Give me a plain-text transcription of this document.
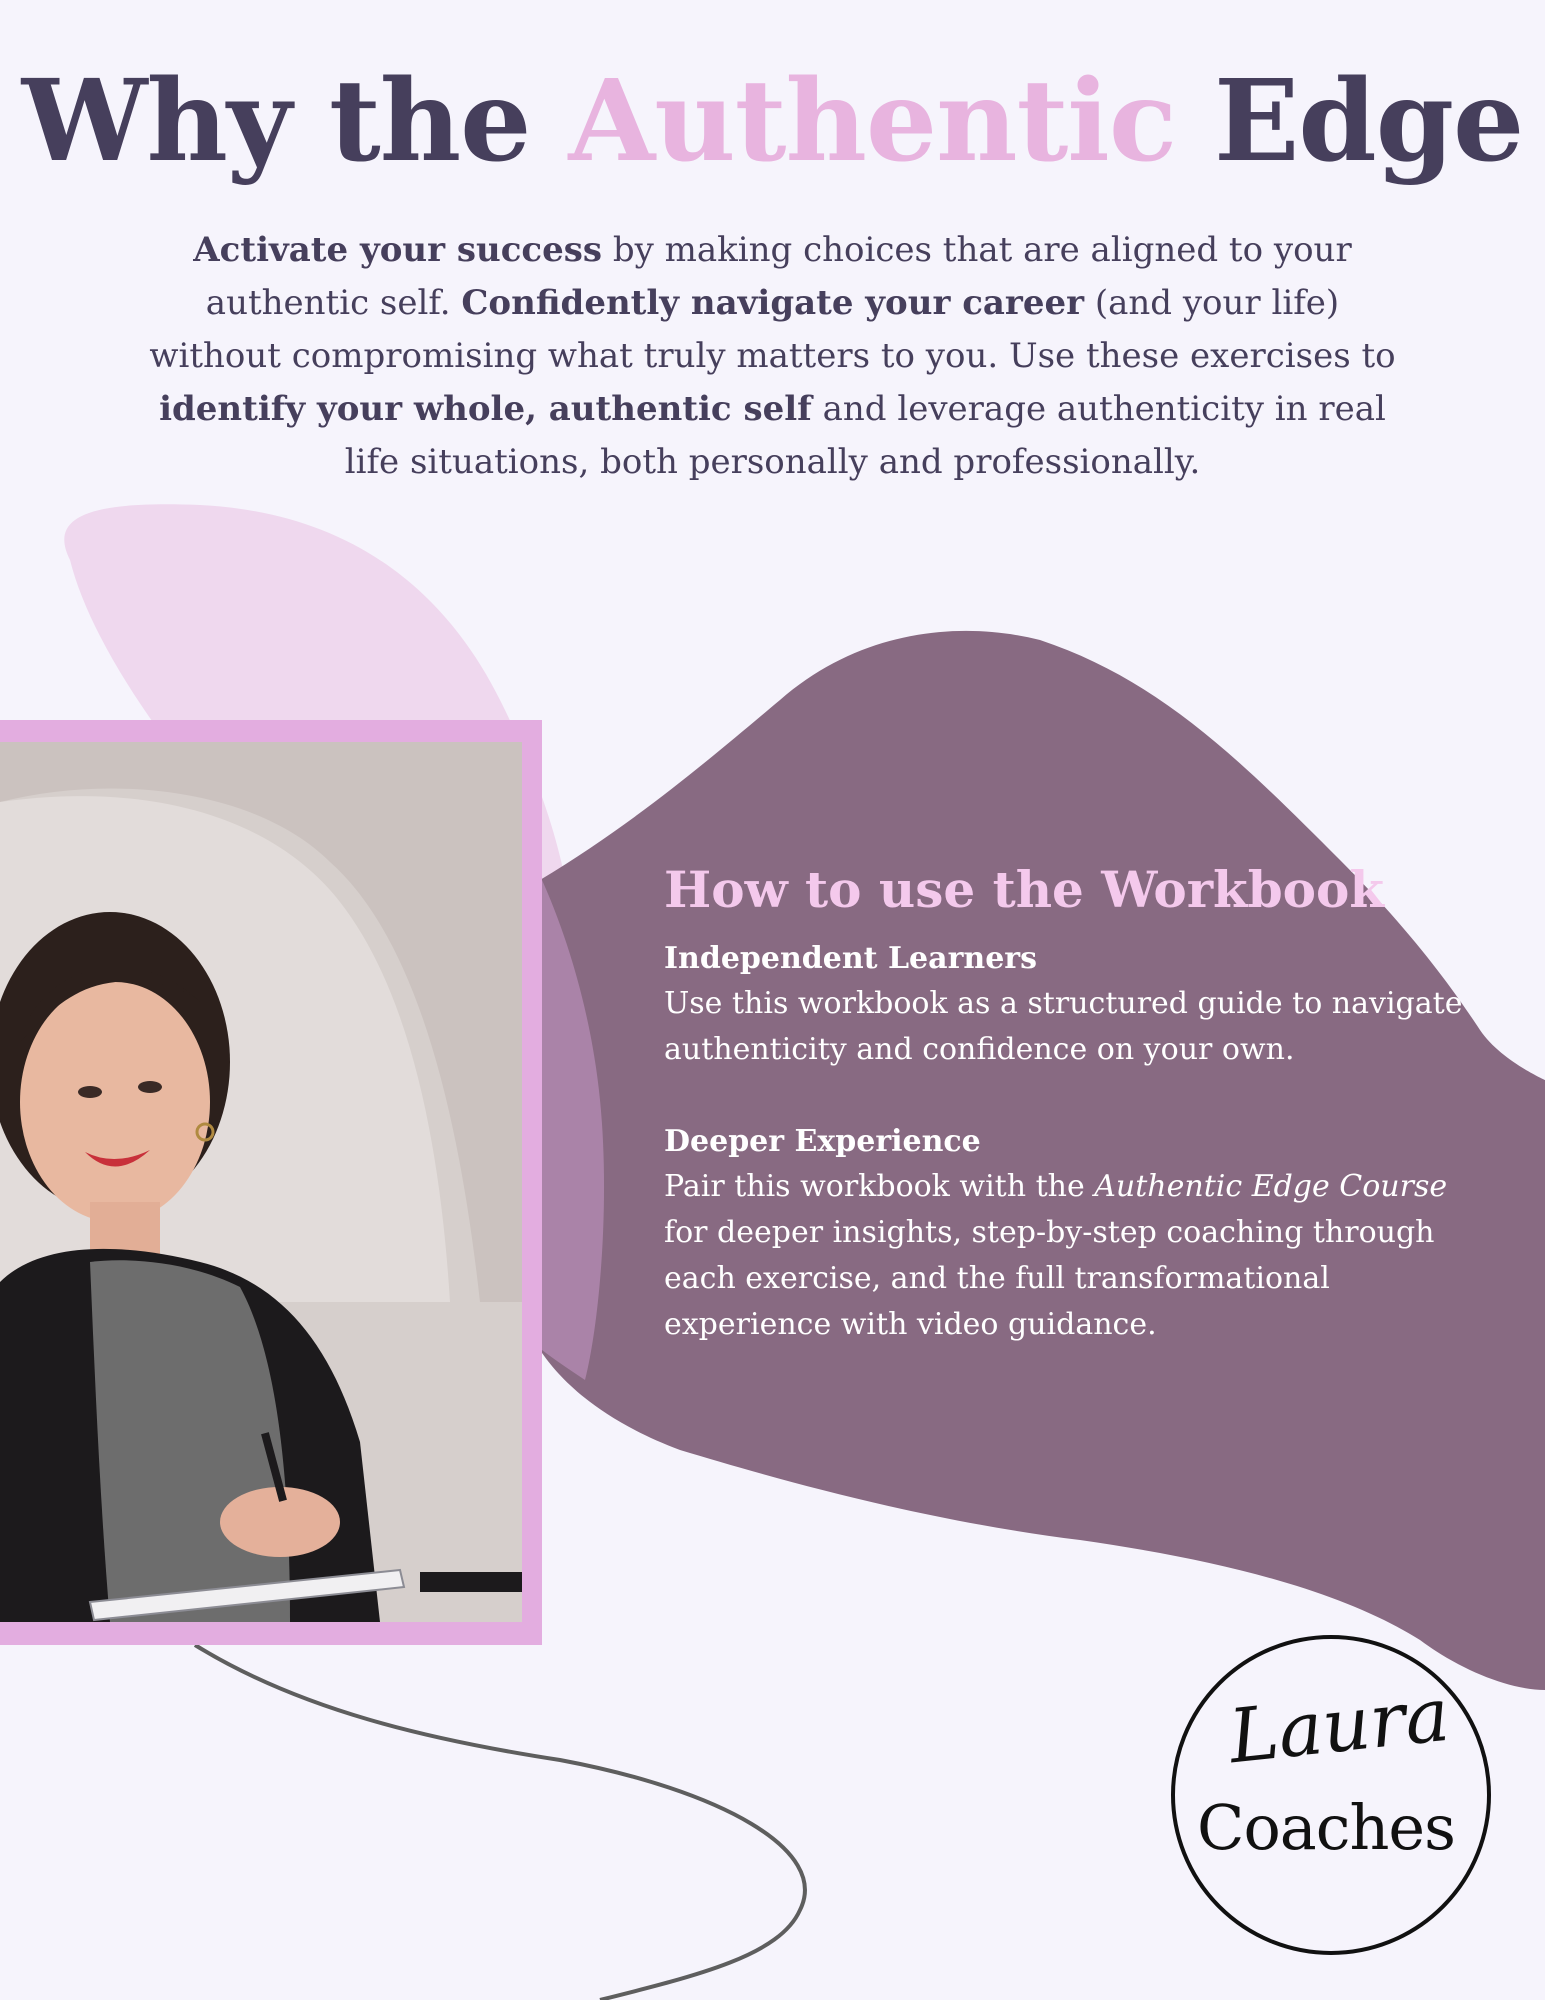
Why the Authentic Edge

Activate your success by making choices that are aligned to your authentic self. Confidently navigate your career (and your life) without compromising what truly matters to you. Use these exercises to identify your whole, authentic self and leverage authenticity in real life situations, both personally and professionally.

How to use the Workbook
Independent Learners

Use this workbook as a structured guide to navigate authenticity and confidence on your own.

Deeper Experience

Pair this workbook with the Authentic Edge Course for deeper insights, step-by-step coaching through each exercise, and the full transformational experience with video guidance.

Laura
Coaches
